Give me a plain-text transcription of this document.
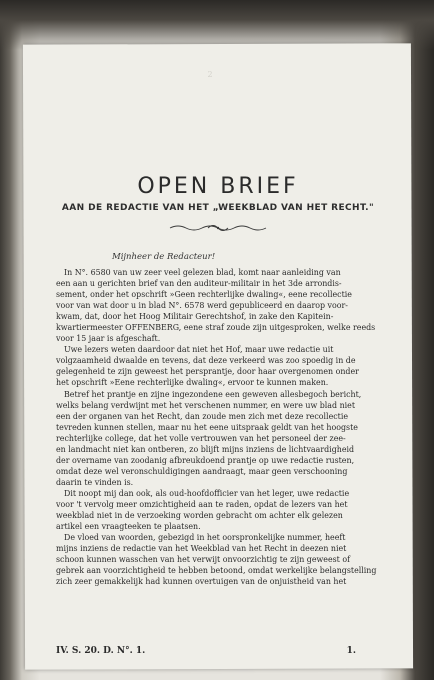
2
OPEN BRIEF
AAN DE REDACTIE VAN HET „WEEKBLAD VAN HET RECHT."
Mijnheer de Redacteur!
In N°. 6580 van uw zeer veel gelezen blad, komt naar aanleiding van
een aan u gerichten brief van den auditeur-militair in het 3de arrondis-
sement, onder het opschrift »Geen rechterlijke dwaling«, eene recollectie
voor van wat door u in blad N°. 6578 werd gepubliceerd en daarop voor-
kwam, dat, door het Hoog Militair Gerechtshof, in zake den Kapitein-
kwartiermeester OFFENBERG, eene straf zoude zijn uitgesproken, welke reeds
voor 15 jaar is afgeschaft.
Uwe lezers weten daardoor dat niet het Hof, maar uwe redactie uit
volgzaamheid dwaalde en tevens, dat deze verkeerd was zoo spoedig in de
gelegenheid te zijn geweest het persprantje, door haar overgenomen onder
het opschrift »Eene rechterlijke dwaling«, ervoor te kunnen maken.
Betref het prantje en zijne ingezondene een geweven allesbegoch bericht,
welks belang verdwijnt met het verschenen nummer, en were uw blad niet
een der organen van het Recht, dan zoude men zich met deze recollectie
tevreden kunnen stellen, maar nu het eene uitspraak geldt van het hoogste
rechterlijke college, dat het volle vertrouwen van het personeel der zee-
en landmacht niet kan ontberen, zo blijft mijns inziens de lichtvaardigheid
der overname van zoodanig afbreukdoend prantje op uwe redactie rusten,
omdat deze wel veronschuldigingen aandraagt, maar geen verschooning
daarin te vinden is.
Dit noopt mij dan ook, als oud-hoofdofficier van het leger, uwe redactie
voor 't vervolg meer omzichtigheid aan te raden, opdat de lezers van het
weekblad niet in de verzoeking worden gebracht om achter elk gelezen
artikel een vraagteeken te plaatsen.
De vloed van woorden, gebezigd in het oorspronkelijke nummer, heeft
mijns inziens de redactie van het Weekblad van het Recht in deezen niet
schoon kunnen wasschen van het verwijt onvoorzichtig te zijn geweest of
gebrek aan voorzichtigheid te hebben betoond, omdat werkelijke belangstelling
zich zeer gemakkelijk had kunnen overtuigen van de onjuistheid van het
IV. S. 20. D. N°. 1.	1.
